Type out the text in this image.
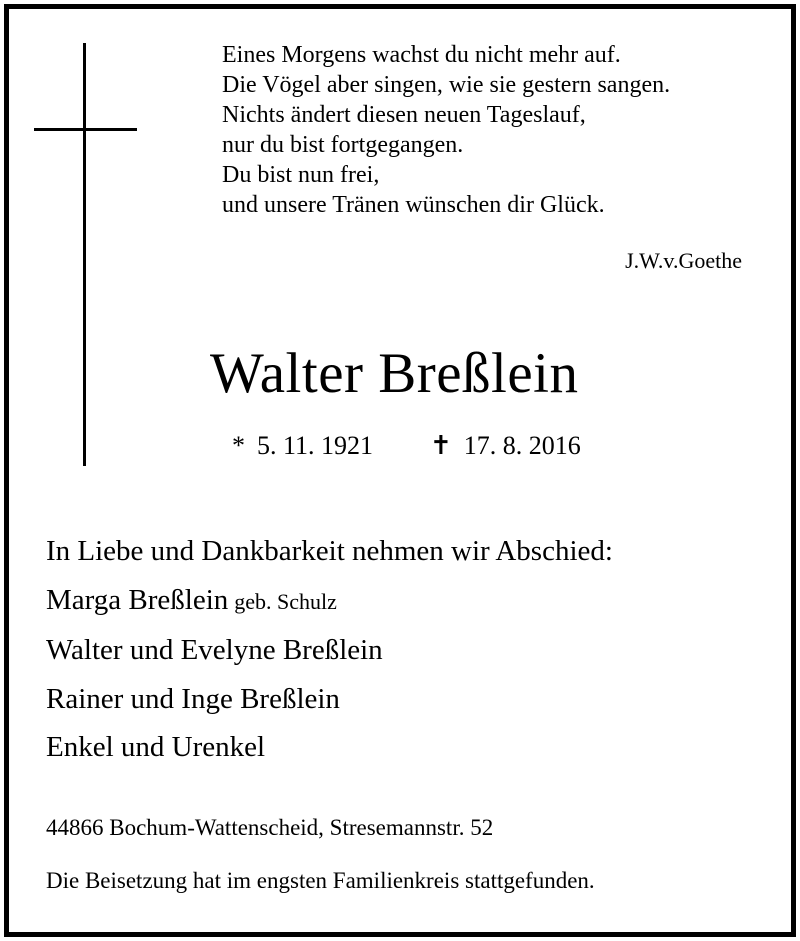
Eines Morgens wachst du nicht mehr auf.
Die Vögel aber singen, wie sie gestern sangen.
Nichts ändert diesen neuen Tageslauf,
nur du bist fortgegangen.
Du bist nun frei,
und unsere Tränen wünschen dir Glück.
J.W.v.Goethe
Walter Breßlein
* 5. 11. 1921 ✝ 17. 8. 2016
In Liebe und Dankbarkeit nehmen wir Abschied:
Marga Breßlein geb. Schulz
Walter und Evelyne Breßlein
Rainer und Inge Breßlein
Enkel und Urenkel
44866 Bochum-Wattenscheid, Stresemannstr. 52
Die Beisetzung hat im engsten Familienkreis stattgefunden.
